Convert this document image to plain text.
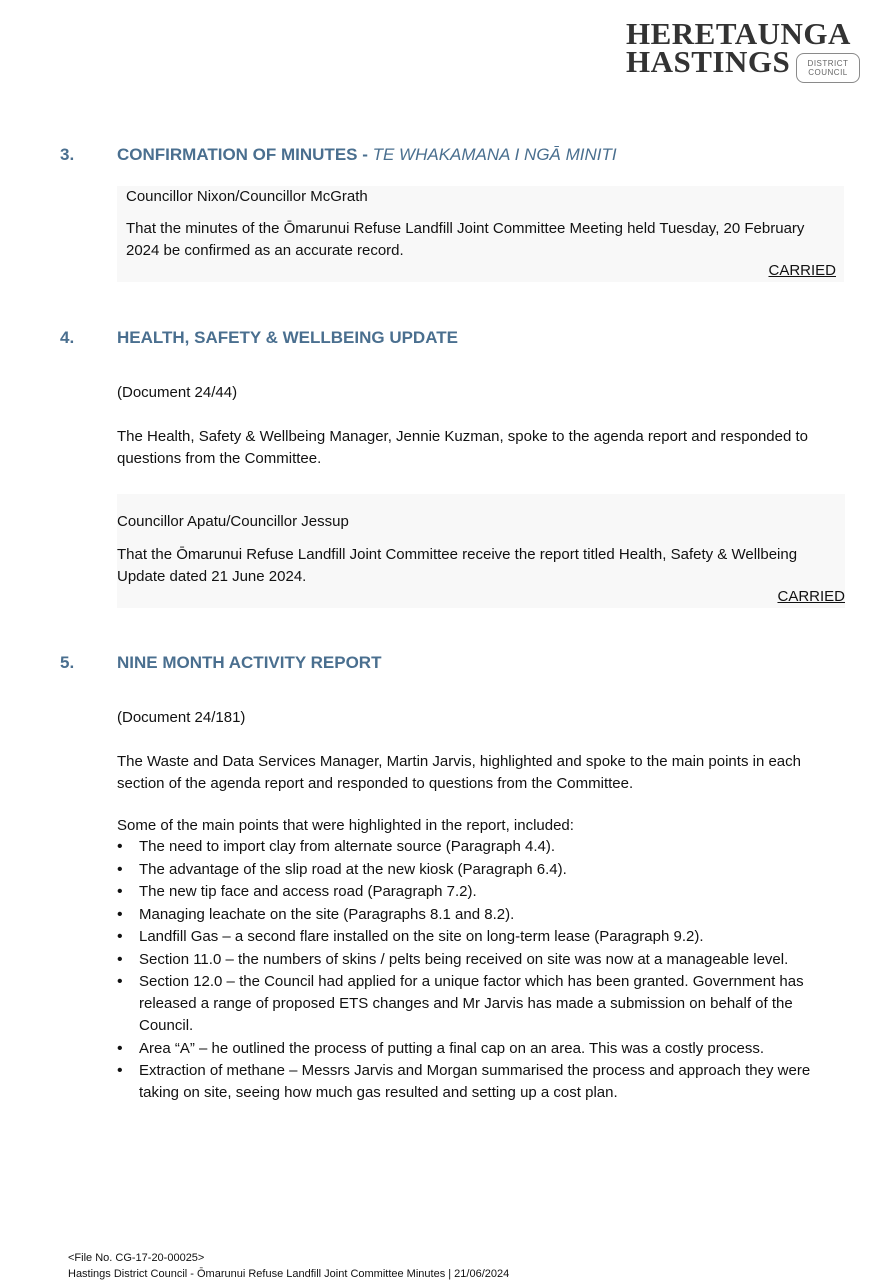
HERETAUNGA
HASTINGS DISTRICT
COUNCIL
3.	CONFIRMATION OF MINUTES - TE WHAKAMANA I NGĀ MINITI
Councillor Nixon/Councillor McGrath
That the minutes of the Ōmarunui Refuse Landfill Joint Committee Meeting held Tuesday, 20 February 2024 be confirmed as an accurate record.
CARRIED
4.	HEALTH, SAFETY & WELLBEING UPDATE
(Document 24/44)
The Health, Safety & Wellbeing Manager, Jennie Kuzman, spoke to the agenda report and responded to questions from the Committee.
Councillor Apatu/Councillor Jessup
That the Ōmarunui Refuse Landfill Joint Committee receive the report titled Health, Safety & Wellbeing Update dated 21 June 2024.
CARRIED
5.	NINE MONTH ACTIVITY REPORT
(Document 24/181)
The Waste and Data Services Manager, Martin Jarvis, highlighted and spoke to the main points in each section of the agenda report and responded to questions from the Committee.
Some of the main points that were highlighted in the report, included:
• The need to import clay from alternate source (Paragraph 4.4).
• The advantage of the slip road at the new kiosk (Paragraph 6.4).
• The new tip face and access road (Paragraph 7.2).
• Managing leachate on the site (Paragraphs 8.1 and 8.2).
• Landfill Gas – a second flare installed on the site on long-term lease (Paragraph 9.2).
• Section 11.0 – the numbers of skins / pelts being received on site was now at a manageable level.
• Section 12.0 – the Council had applied for a unique factor which has been granted. Government has released a range of proposed ETS changes and Mr Jarvis has made a submission on behalf of the Council.
• Area “A” – he outlined the process of putting a final cap on an area. This was a costly process.
• Extraction of methane – Messrs Jarvis and Morgan summarised the process and approach they were taking on site, seeing how much gas resulted and setting up a cost plan.
<File No. CG-17-20-00025>
Hastings District Council - Ōmarunui Refuse Landfill Joint Committee Minutes | 21/06/2024
